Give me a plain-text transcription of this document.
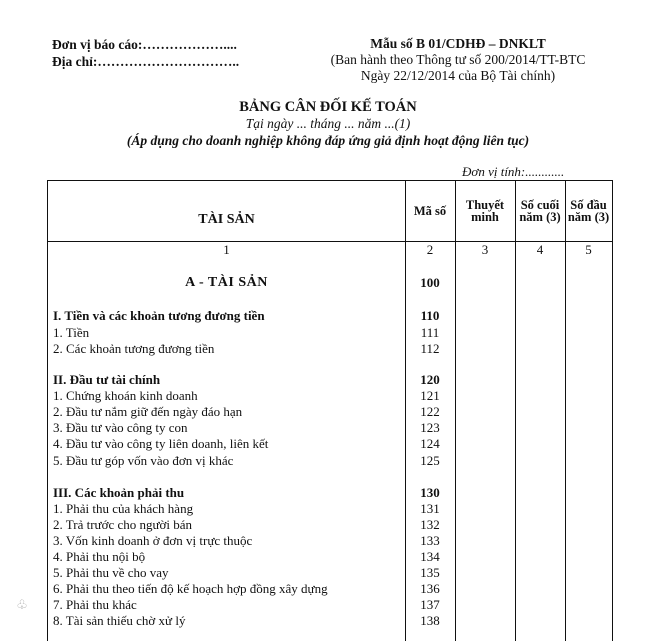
Đơn vị báo cáo:………………....
Địa chỉ:…………………………..
Mẫu số B 01/CDHĐ – DNKLT
(Ban hành theo Thông tư số 200/2014/TT-BTC
Ngày 22/12/2014 của Bộ Tài chính)
BẢNG CÂN ĐỐI KẾ TOÁN
Tại ngày ... tháng ... năm ...(1)
(Áp dụng cho doanh nghiệp không đáp ứng giả định hoạt động liên tục)
Đơn vị tính:............
TÀI SẢN
Mã số	Thuyết minh
Số cuối năm (3)
Số đầu năm (3)
1	2	3	4	5
A - TÀI SẢN	100
I. Tiền và các khoản tương đương tiền	110
1. Tiền	111
2. Các khoản tương đương tiền	112
II. Đầu tư tài chính	120
1. Chứng khoán kinh doanh	121
2. Đầu tư nắm giữ đến ngày đáo hạn	122
3. Đầu tư vào công ty con	123
4. Đầu tư vào công ty liên doanh, liên kết	124
5. Đầu tư góp vốn vào đơn vị khác	125
III. Các khoản phải thu	130
1. Phải thu của khách hàng	131
2. Trả trước cho người bán	132
3. Vốn kinh doanh ở đơn vị trực thuộc	133
4. Phải thu nội bộ	134
5. Phải thu về cho vay	135
6. Phải thu theo tiến độ kế hoạch hợp đồng xây dựng	136
7. Phải thu khác	137
8. Tài sản thiếu chờ xử lý	138
♧
